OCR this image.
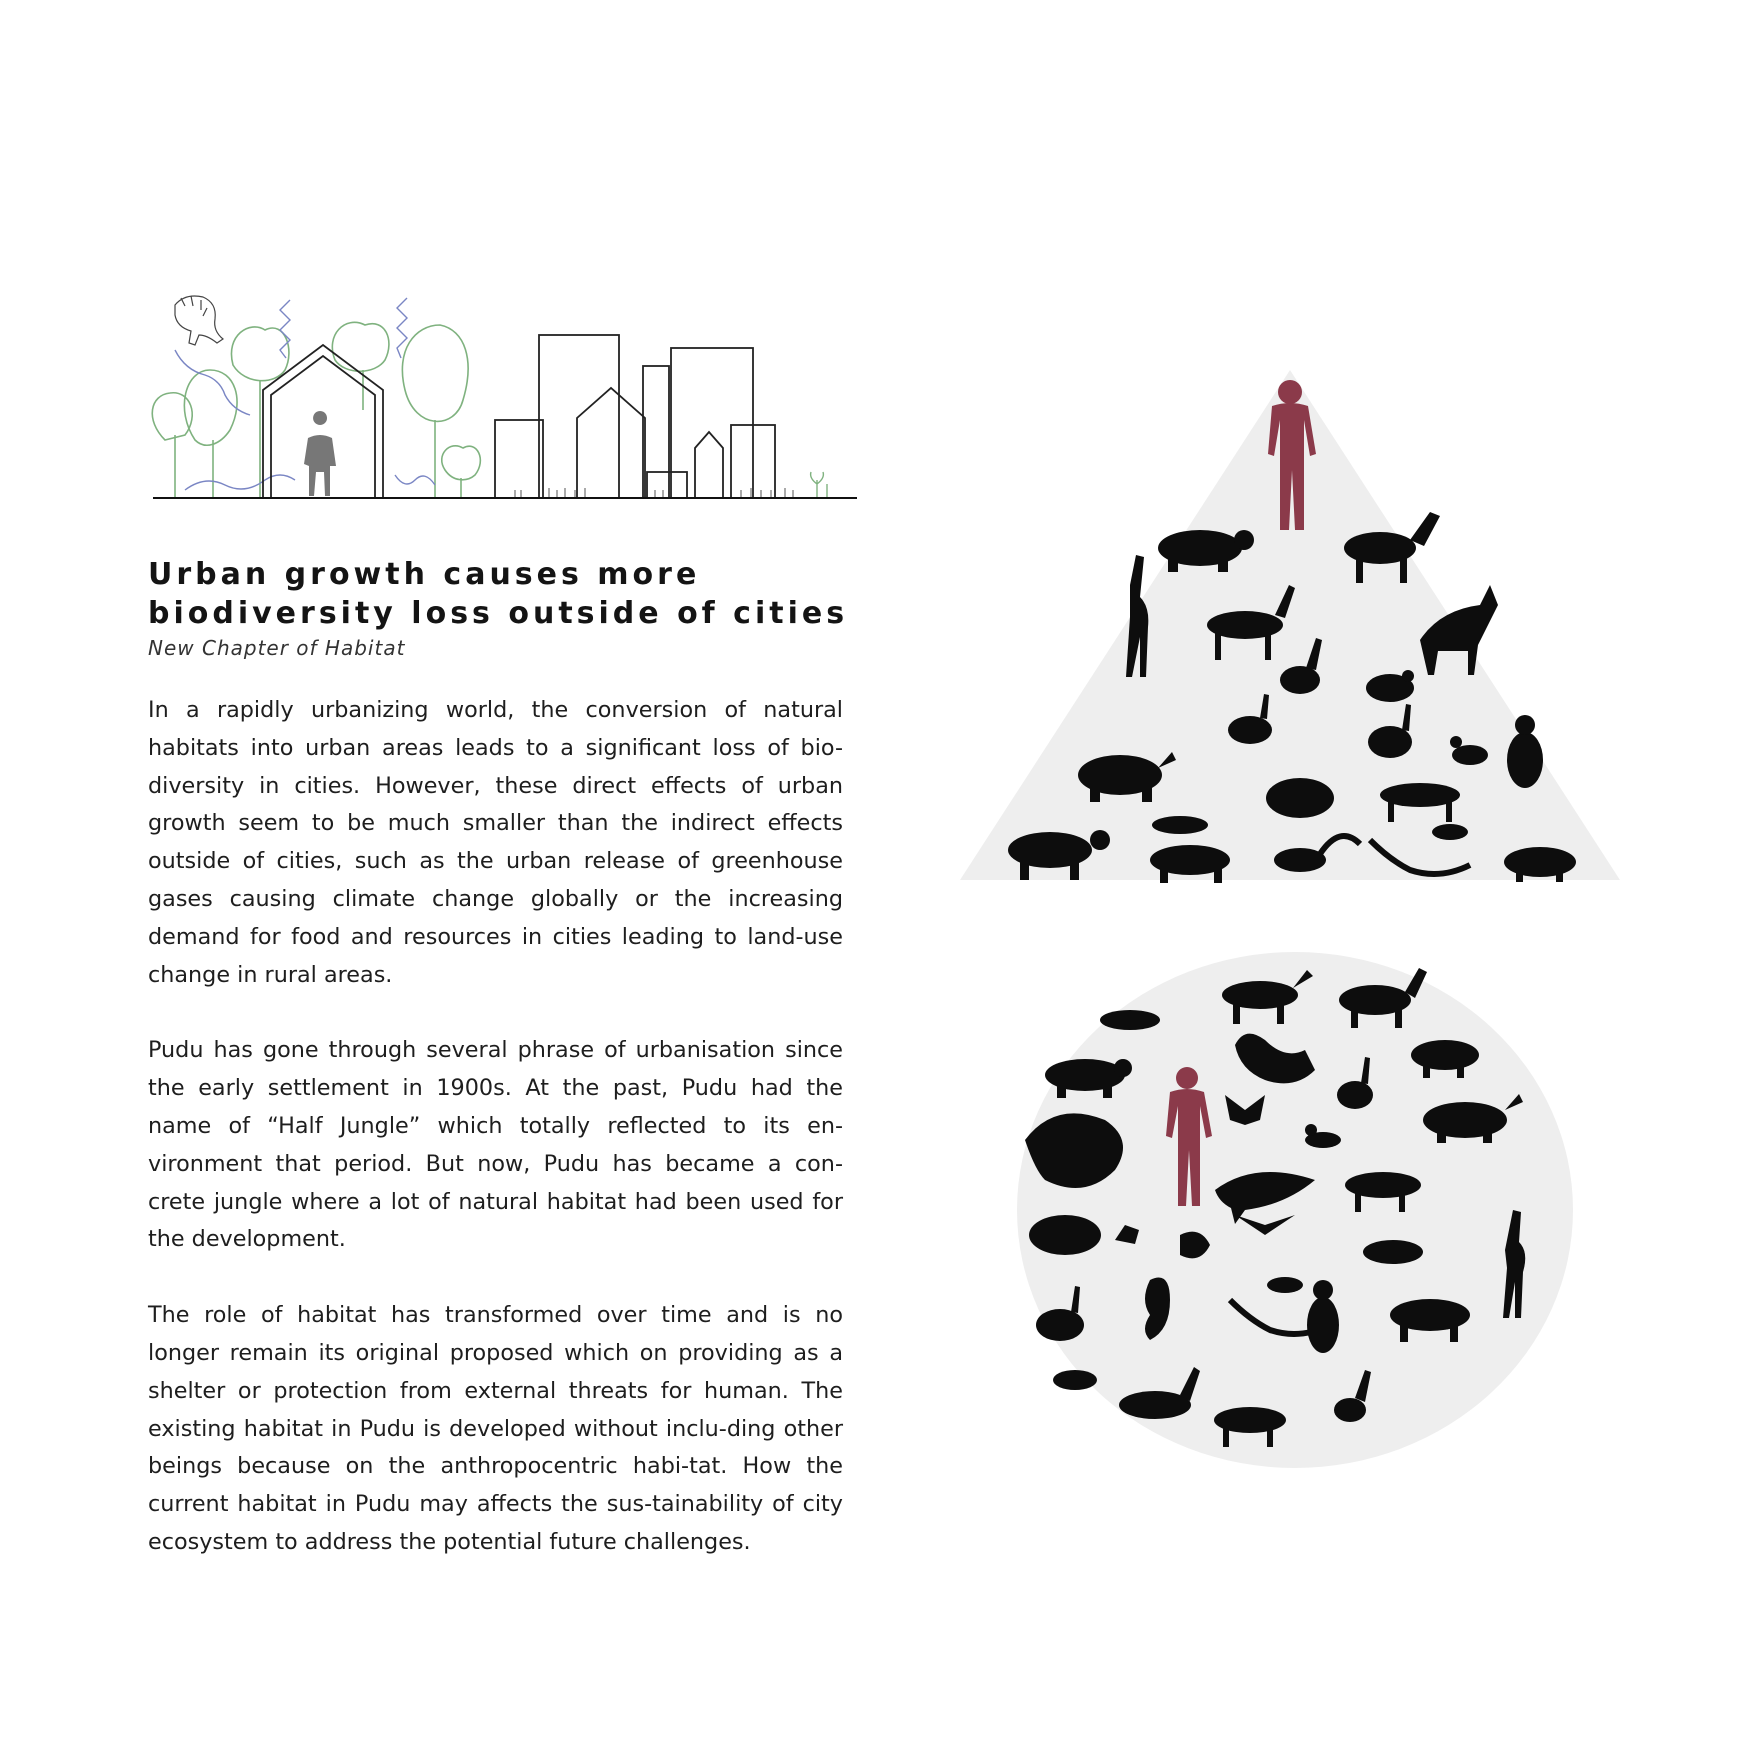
Urban growth causes more biodiversity loss outside of cities
New Chapter of Habitat

In a rapidly urbanizing world, the conversion of natural habitats into urban areas leads to a significant loss of bio-diversity in cities. However, these direct effects of urban growth seem to be much smaller than the indirect effects outside of cities, such as the urban release of greenhouse gases causing climate change globally or the increasing demand for food and resources in cities leading to land-use change in rural areas.

Pudu has gone through several phrase of urbanisation since the early settlement in 1900s. At the past, Pudu had the name of “Half Jungle” which totally reflected to its en-vironment that period. But now, Pudu has became a con-crete jungle where a lot of natural habitat had been used for the development.

The role of habitat has transformed over time and is no longer remain its original proposed which on providing as a shelter or protection from external threats for human. The existing habitat in Pudu is developed without inclu-ding other beings because on the anthropocentric habi-tat. How the current habitat in Pudu may affects the sus-tainability of city ecosystem to address the potential future challenges.
